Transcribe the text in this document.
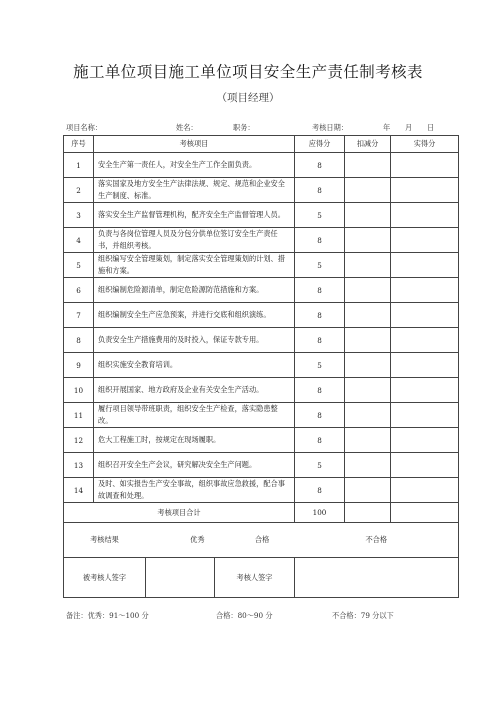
施工单位项目施工单位项目安全生产责任制考核表
（项目经理）
项目名称：	姓名：	职务：	考核日期：	年 月 日
序号	考核项目	应得分	扣减分	实得分
1	安全生产第一责任人，对安全生产工作全面负责。	8		
2	落实国家及地方安全生产法律法规、规定、规范和企业安全生产制度、标准。	8		
3	落实安全生产监督管理机构，配齐安全生产监督管理人员。	5		
4	负责与各岗位管理人员及分包分供单位签订安全生产责任书，并组织考核。	8		
5	组织编写安全管理策划，制定落实安全管理策划的计划、措施和方案。	5		
6	组织编制危险源清单，制定危险源防范措施和方案。	8		
7	组织编制安全生产应急预案，并进行交底和组织演练。	8		
8	负责安全生产措施费用的及时投入，保证专款专用。	8		
9	组织实施安全教育培训。	5		
10	组织开展国家、地方政府及企业有关安全生产活动。	8		
11	履行项目领导带班职责，组织安全生产检查，落实隐患整改。	8		
12	危大工程施工时，按规定在现场履职。	8		
13	组织召开安全生产会议，研究解决安全生产问题。	5		
14	及时、如实报告生产安全事故，组织事故应急救援，配合事故调查和处理。	8		
考核项目合计		100		

考核结果 优秀 合格		不合格		

被考核人签字 考核人签字				

备注：优秀：91～100 分	合格：80～90 分	不合格：79 分以下
